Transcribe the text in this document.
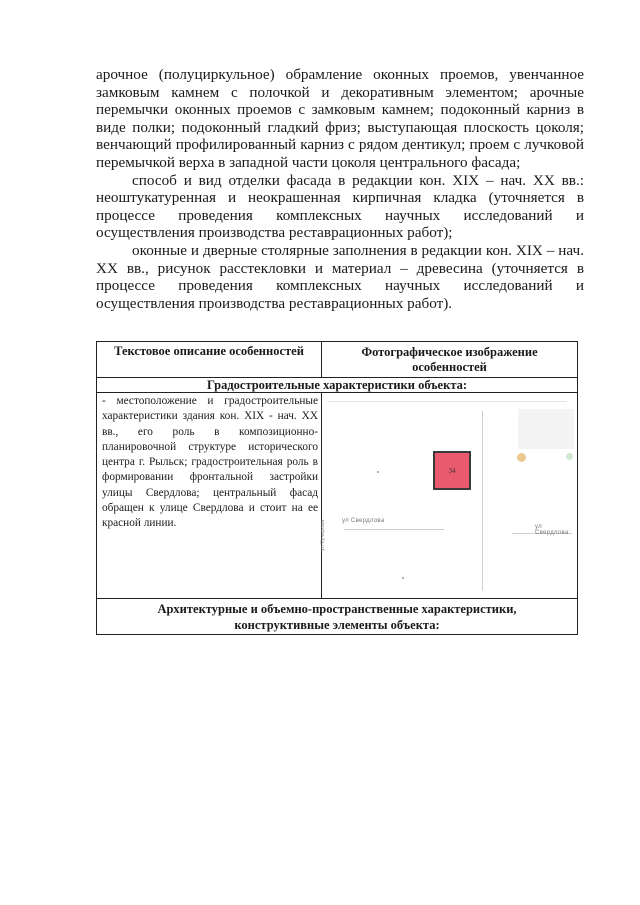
арочное (полуциркульное) обрамление оконных проемов, увенчанное замковым камнем с полочкой и декоративным элементом; арочные перемычки оконных проемов с замковым камнем; подоконный карниз в виде полки; подоконный гладкий фриз; выступающая плоскость цоколя; венчающий профилированный карниз с рядом дентикул; проем с лучковой перемычкой верха в западной части цоколя центрального фасада;

способ и вид отделки фасада в редакции кон. XIX – нач. XX вв.: неоштукатуренная и неокрашенная кирпичная кладка (уточняется в процессе проведения комплексных научных исследований и осуществления производства реставрационных работ);

оконные и дверные столярные заполнения в редакции кон. XIX – нач. XX вв., рисунок расстекловки и материал – древесина (уточняется в процессе проведения комплексных научных исследований и осуществления производства реставрационных работ).

Текстовое описание особенностей	Фотографическое изображение особенностей
Градостроительные характеристики объекта:
- местоположение и градостроительные характеристики здания кон. XIX - нач. XX вв., его роль в композиционно-планировочной структуре исторического центра г. Рыльск; градостроительная роль в формировании фронтальной застройки улицы Свердлова; центральный фасад обращен к улице Свердлова и стоит на ее красной линии.
34
ул Свердлова
ул Свердлова
ул Кучерова
Архитектурные и объемно-пространственные характеристики, конструктивные элементы объекта:
